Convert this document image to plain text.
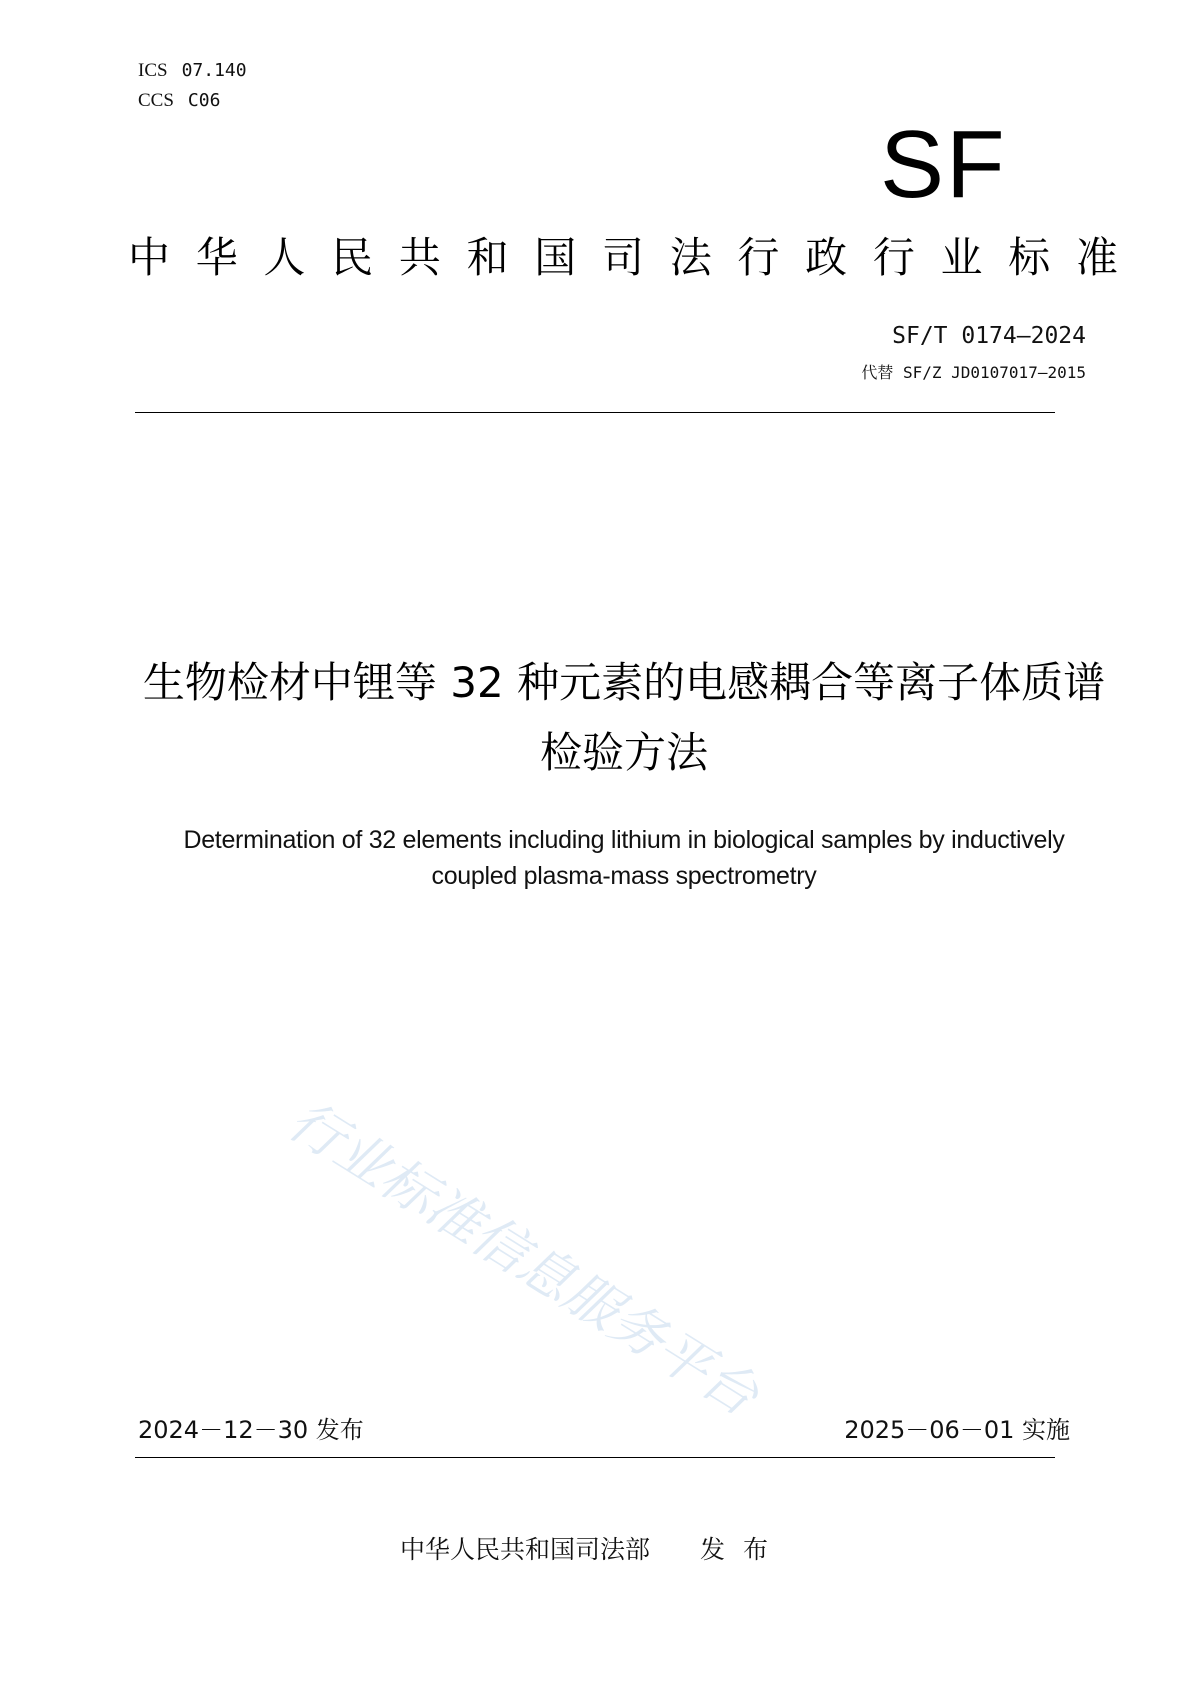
ICS 07.140
CCS C06
SF
中华人民共和国司法行政行业标准
SF/T 0174—2024
代替 SF/Z JD0107017—2015
生物检材中锂等 32 种元素的电感耦合等离子体质谱检验方法
Determination of 32 elements including lithium in biological samples by inductively coupled plasma-mass spectrometry
行业标准信息服务平台
2024－12－30 发布	2025－06－01 实施
中华人民共和国司法部 发布
